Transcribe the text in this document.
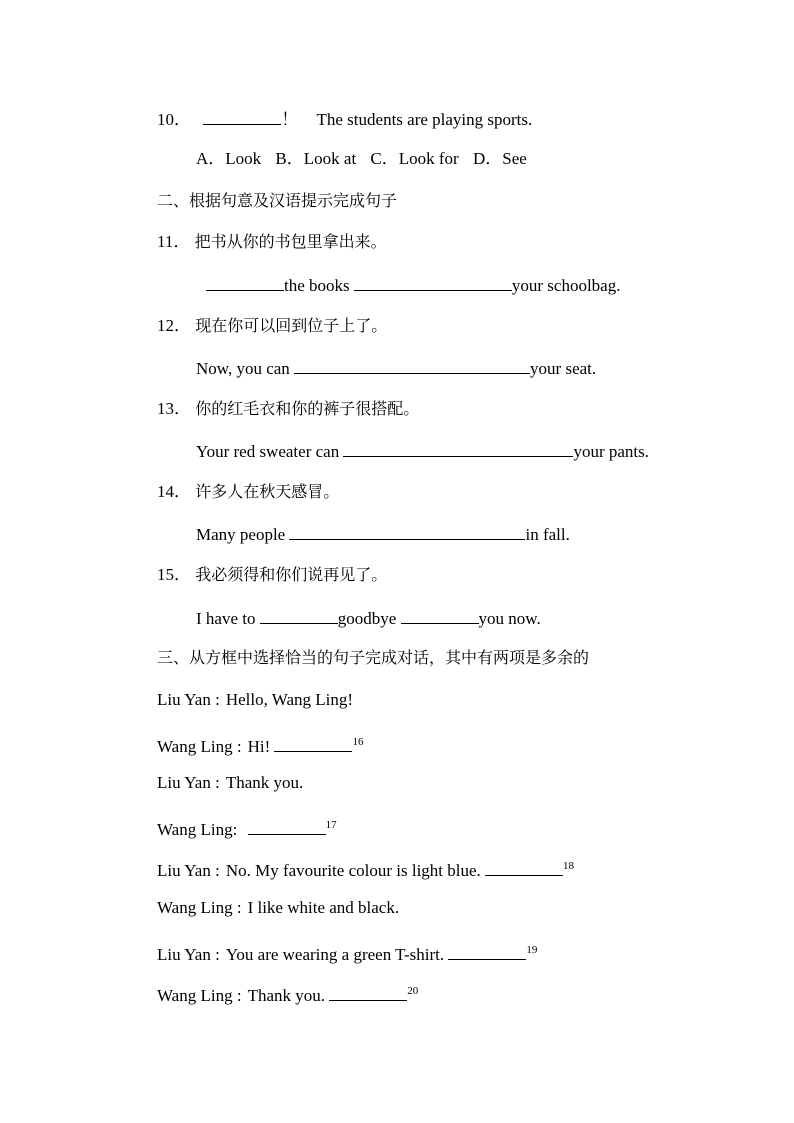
10．	！ The students are playing sports.
A．Look B．Look at C．Look for D．See
二、根据句意及汉语提示完成句子
11． 把书从你的书包里拿出来。
the books	your schoolbag.
12． 现在你可以回到位子上了。
Now, you can	your seat.
13． 你的红毛衣和你的裤子很搭配。
Your red sweater can	your pants.
14． 许多人在秋天感冒。
Many people	in fall.
15． 我必须得和你们说再见了。
I have to	goodbye	you now.
三、从方框中选择恰当的句子完成对话，其中有两项是多余的
Liu Yan : Hello, Wang Ling!
Wang Ling : Hi!	$^{16}$
Liu Yan : Thank you.
Wang Ling:	$^{17}$
Liu Yan : No. My favourite colour is light blue.	$^{18}$
Wang Ling : I like white and black.
Liu Yan : You are wearing a green T-shirt.	$^{19}$
Wang Ling : Thank you.	$^{20}$
